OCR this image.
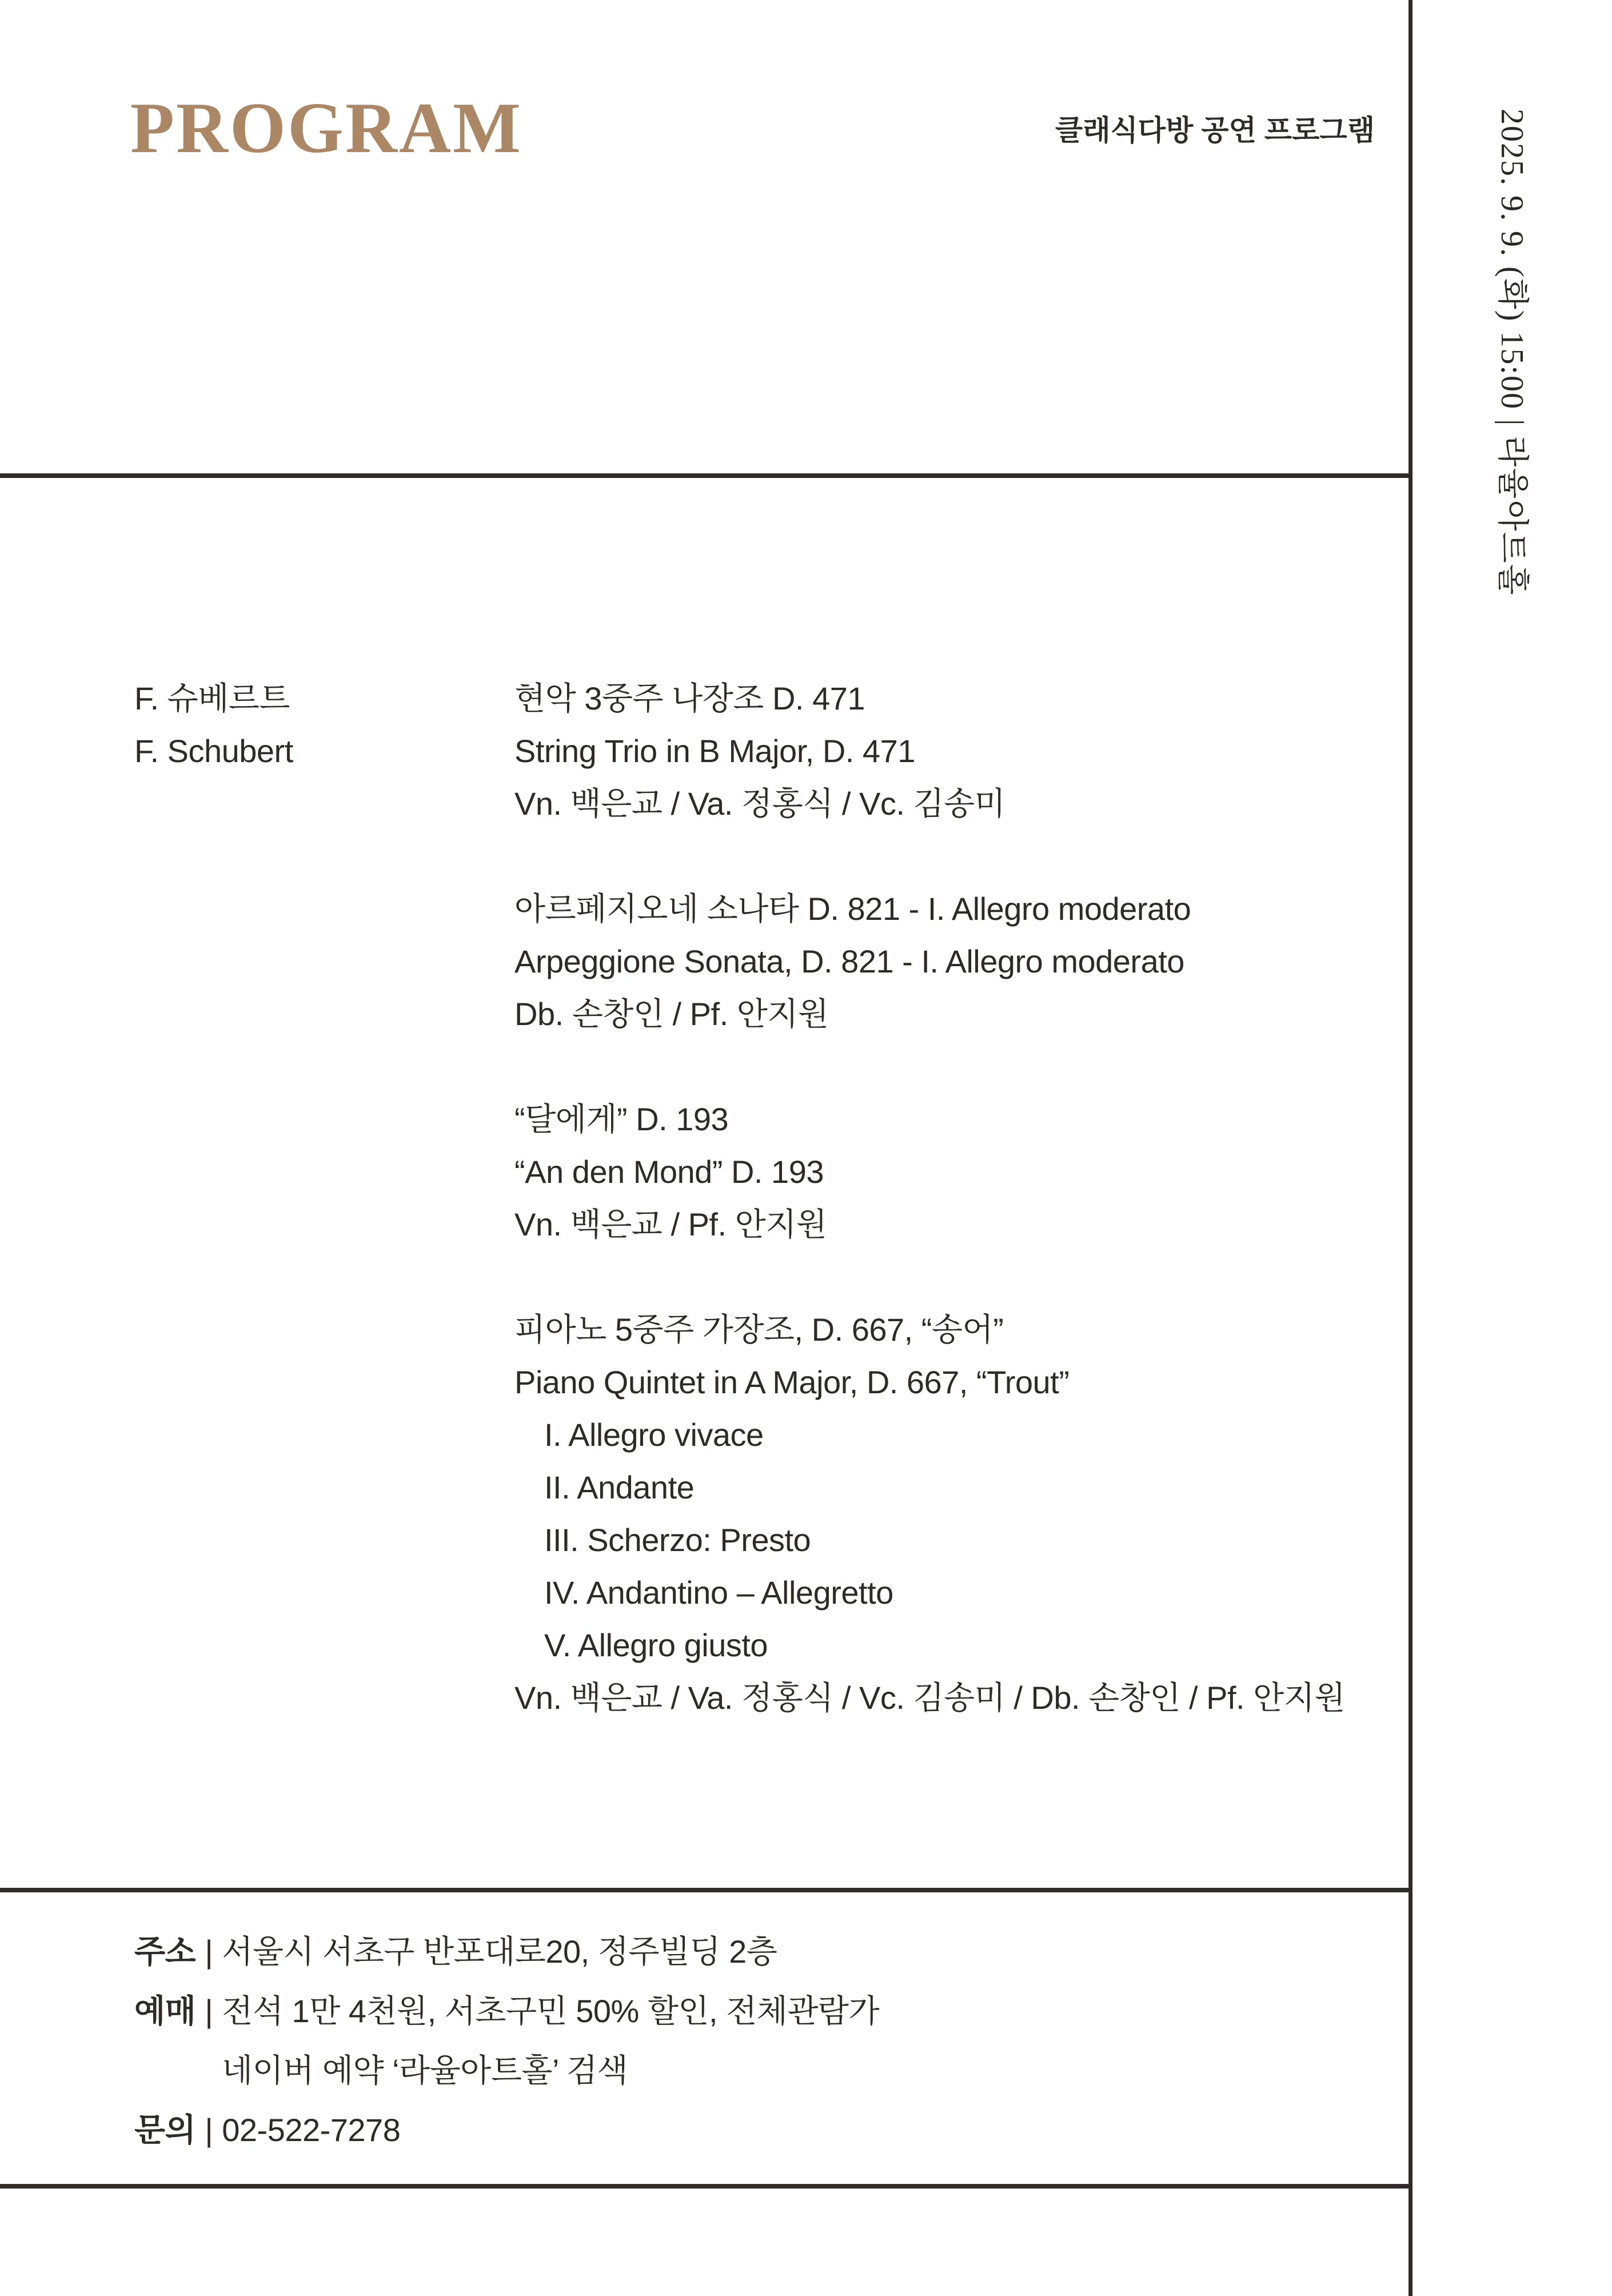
PROGRAM	클래식다방 공연 프로그램	2025. 9. 9. (화) 15:00 | 라율아트홀
F. 슈베르트
F. Schubert
현악 3중주 나장조 D. 471
String Trio in B Major, D. 471
Vn. 백은교 / Va. 정홍식 / Vc. 김송미
아르페지오네 소나타 D. 821 - I. Allegro moderato
Arpeggione Sonata, D. 821 - I. Allegro moderato
Db. 손창인 / Pf. 안지원
“달에게” D. 193
“An den Mond” D. 193
Vn. 백은교 / Pf. 안지원
피아노 5중주 가장조, D. 667, “송어”
Piano Quintet in A Major, D. 667, “Trout”
I. Allegro vivace
II. Andante
III. Scherzo: Presto
IV. Andantino – Allegretto
V. Allegro giusto
Vn. 백은교 / Va. 정홍식 / Vc. 김송미 / Db. 손창인 / Pf. 안지원
주소 | 서울시 서초구 반포대로20, 정주빌딩 2층
예매 | 전석 1만 4천원, 서초구민 50% 할인, 전체관람가
네이버 예약 ‘라율아트홀’ 검색
문의 | 02-522-7278
